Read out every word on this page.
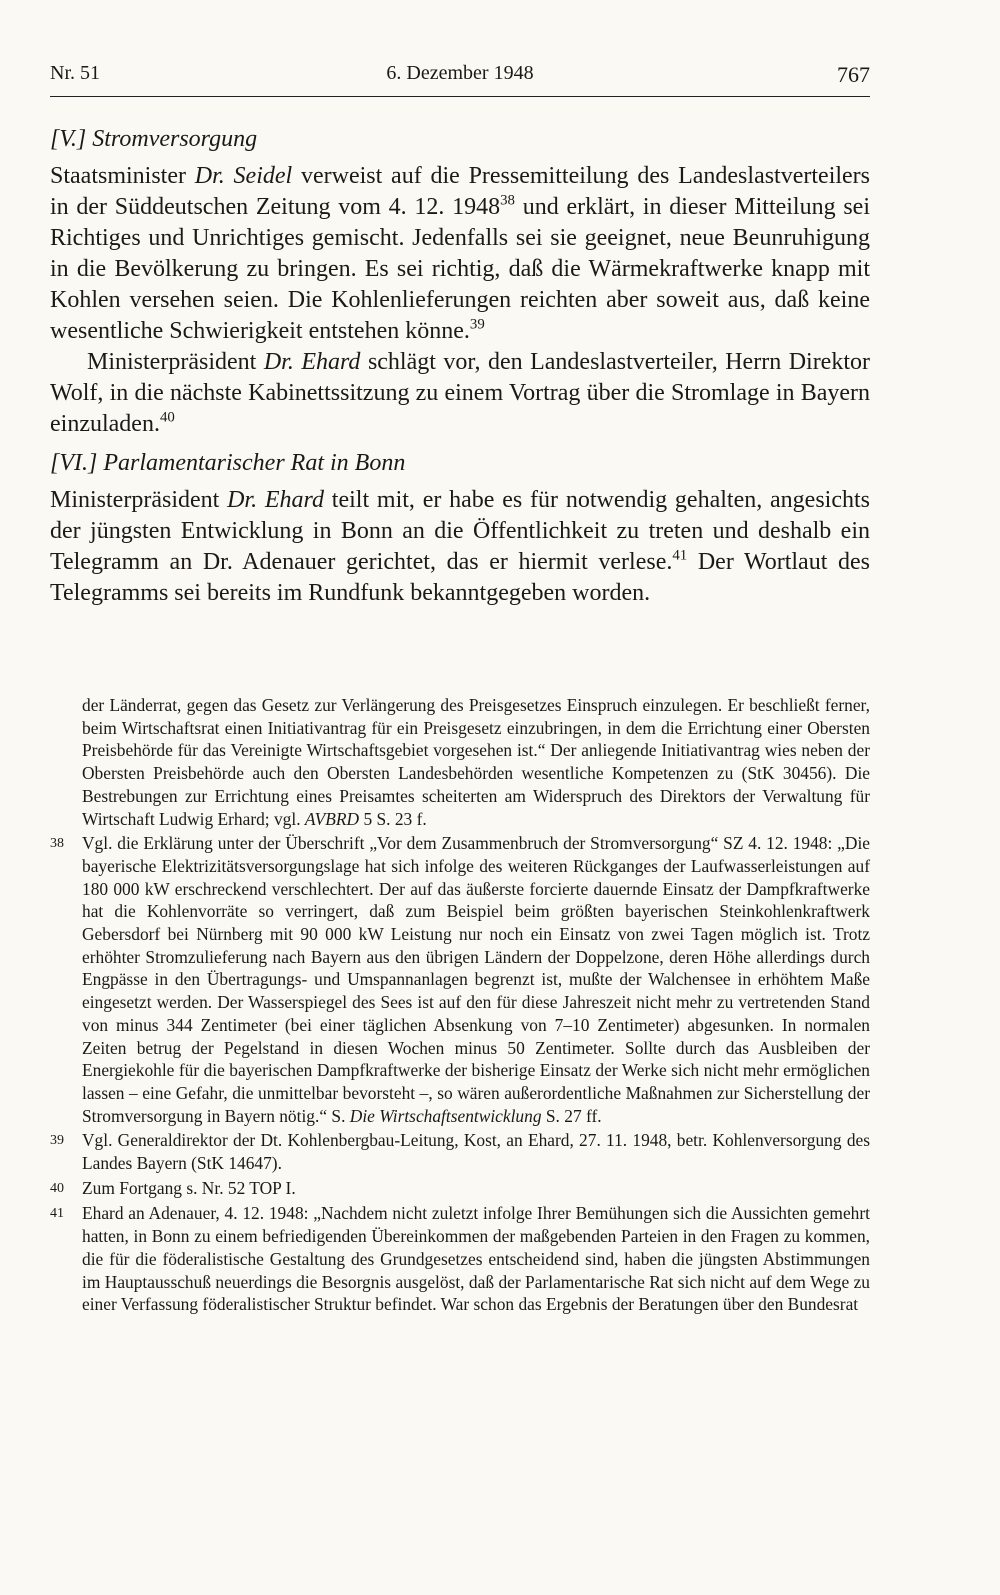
Nr. 51	6. Dezember 1948	767
[V.] Stromversorgung

Staatsminister Dr. Seidel verweist auf die Pressemitteilung des Landeslastverteilers in der Süddeutschen Zeitung vom 4. 12. 1948$^{38}$ und erklärt, in dieser Mitteilung sei Richtiges und Unrichtiges gemischt. Jedenfalls sei sie geeignet, neue Beunruhigung in die Bevölkerung zu bringen. Es sei richtig, daß die Wärmekraftwerke knapp mit Kohlen versehen seien. Die Kohlenlieferungen reichten aber soweit aus, daß keine wesentliche Schwierigkeit entstehen könne.$^{39}$

Ministerpräsident Dr. Ehard schlägt vor, den Landeslastverteiler, Herrn Direktor Wolf, in die nächste Kabinettssitzung zu einem Vortrag über die Stromlage in Bayern einzuladen.$^{40}$

[VI.] Parlamentarischer Rat in Bonn

Ministerpräsident Dr. Ehard teilt mit, er habe es für notwendig gehalten, angesichts der jüngsten Entwicklung in Bonn an die Öffentlichkeit zu treten und deshalb ein Telegramm an Dr. Adenauer gerichtet, das er hiermit verlese.$^{41}$ Der Wortlaut des Telegramms sei bereits im Rundfunk bekanntgegeben worden.

der Länderrat, gegen das Gesetz zur Verlängerung des Preisgesetzes Einspruch einzulegen. Er beschließt ferner, beim Wirtschaftsrat einen Initiativantrag für ein Preisgesetz einzubringen, in dem die Errichtung einer Obersten Preisbehörde für das Vereinigte Wirtschaftsgebiet vorgesehen ist.“ Der anliegende Initiativantrag wies neben der Obersten Preisbehörde auch den Obersten Landesbehörden wesentliche Kompetenzen zu (StK 30456). Die Bestrebungen zur Errichtung eines Preisamtes scheiterten am Widerspruch des Direktors der Verwaltung für Wirtschaft Ludwig Erhard; vgl. AVBRD 5 S. 23 f.

38	Vgl. die Erklärung unter der Überschrift „Vor dem Zusammenbruch der Stromversorgung“ SZ 4. 12. 1948: „Die bayerische Elektrizitätsversorgungslage hat sich infolge des weiteren Rückganges der Laufwasserleistungen auf 180 000 kW erschreckend verschlechtert. Der auf das äußerste forcierte dauernde Einsatz der Dampfkraftwerke hat die Kohlenvorräte so verringert, daß zum Beispiel beim größten bayerischen Steinkohlenkraftwerk Gebersdorf bei Nürnberg mit 90 000 kW Leistung nur noch ein Einsatz von zwei Tagen möglich ist. Trotz erhöhter Stromzulieferung nach Bayern aus den übrigen Ländern der Doppelzone, deren Höhe allerdings durch Engpässe in den Übertragungs- und Umspannanlagen begrenzt ist, mußte der Walchensee in erhöhtem Maße eingesetzt werden. Der Wasserspiegel des Sees ist auf den für diese Jahreszeit nicht mehr zu vertretenden Stand von minus 344 Zentimeter (bei einer täglichen Absenkung von 7–10 Zentimeter) abgesunken. In normalen Zeiten betrug der Pegelstand in diesen Wochen minus 50 Zentimeter. Sollte durch das Ausbleiben der Energiekohle für die bayerischen Dampfkraftwerke der bisherige Einsatz der Werke sich nicht mehr ermöglichen lassen – eine Gefahr, die unmittelbar bevorsteht –, so wären außerordentliche Maßnahmen zur Sicherstellung der Stromversorgung in Bayern nötig.“ S. Die Wirtschaftsentwicklung S. 27 ff.

39	Vgl. Generaldirektor der Dt. Kohlenbergbau-Leitung, Kost, an Ehard, 27. 11. 1948, betr. Kohlenversorgung des Landes Bayern (StK 14647).

40	Zum Fortgang s. Nr. 52 TOP I.

41	Ehard an Adenauer, 4. 12. 1948: „Nachdem nicht zuletzt infolge Ihrer Bemühungen sich die Aussichten gemehrt hatten, in Bonn zu einem befriedigenden Übereinkommen der maßgebenden Parteien in den Fragen zu kommen, die für die föderalistische Gestaltung des Grundgesetzes entscheidend sind, haben die jüngsten Abstimmungen im Hauptausschuß neuerdings die Besorgnis ausgelöst, daß der Parlamentarische Rat sich nicht auf dem Wege zu einer Verfassung föderalistischer Struktur befindet. War schon das Ergebnis der Beratungen über den Bundesrat
